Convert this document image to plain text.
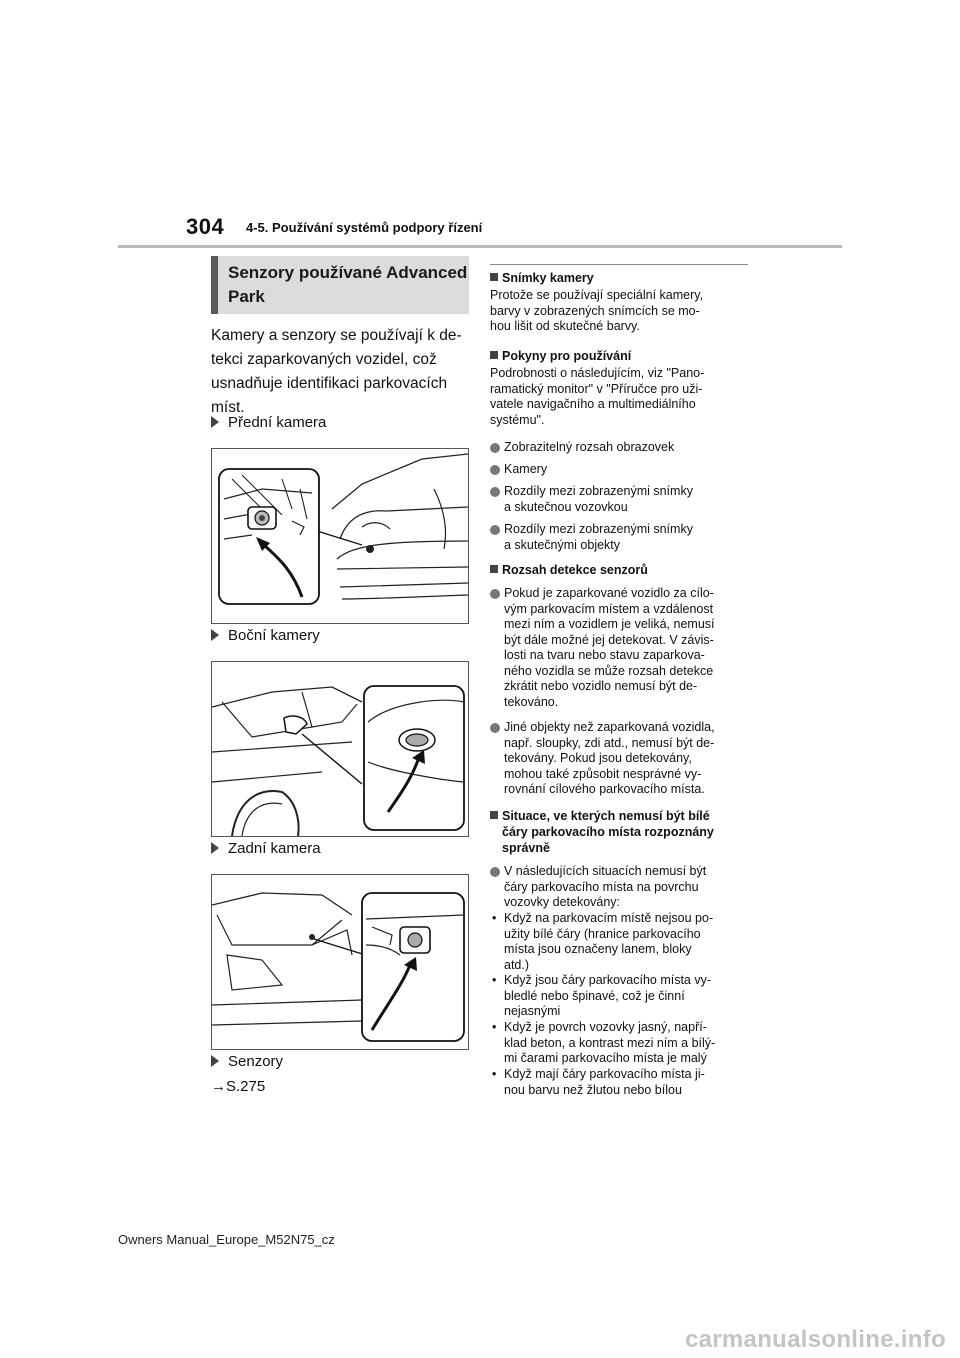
304 4-5. Používání systémů podpory řízení
Senzory používané Advanced
Park
Kamery a senzory se používají k de-
tekci zaparkovaných vozidel, což
usnadňuje identifikaci parkovacích
míst.
Přední kamera
Boční kamery
Zadní kamera
Senzory
→S.275

Snímky kamery

Protože se používají speciální kamery,
barvy v zobrazených snímcích se mo-
hou lišit od skutečné barvy.

Pokyny pro používání

Podrobnosti o následujícím, viz "Pano-
ramatický monitor" v "Příručce pro uži-
vatele navigačního a multimediálního
systému".

Zobrazitelný rozsah obrazovek
Kamery
Rozdíly mezi zobrazenými snímky
a skutečnou vozovkou
Rozdíly mezi zobrazenými snímky
a skutečnými objekty

Rozsah detekce senzorů

Pokud je zaparkované vozidlo za cílo-
vým parkovacím místem a vzdálenost
mezi ním a vozidlem je veliká, nemusí
být dále možné jej detekovat. V závis-
losti na tvaru nebo stavu zaparkova-
ného vozidla se může rozsah detekce
zkrátit nebo vozidlo nemusí být de-
tekováno.
Jiné objekty než zaparkovaná vozidla,
např. sloupky, zdi atd., nemusí být de-
tekovány. Pokud jsou detekovány,
mohou také způsobit nesprávné vy-
rovnání cílového parkovacího místa.

Situace, ve kterých nemusí být bílé
čáry parkovacího místa rozpoznány
správně

V následujících situacích nemusí být
čáry parkovacího místa na povrchu
vozovky detekovány:
• Když na parkovacím místě nejsou po-
užity bílé čáry (hranice parkovacího
místa jsou označeny lanem, bloky
atd.)
• Když jsou čáry parkovacího místa vy-
bledlé nebo špinavé, což je činní
nejasnými
• Když je povrch vozovky jasný, napří-
klad beton, a kontrast mezi ním a bílý-
mi čarami parkovacího místa je malý
• Když mají čáry parkovacího místa ji-
nou barvu než žlutou nebo bílou
Owners Manual_Europe_M52N75_cz
carmanualsonline.info
